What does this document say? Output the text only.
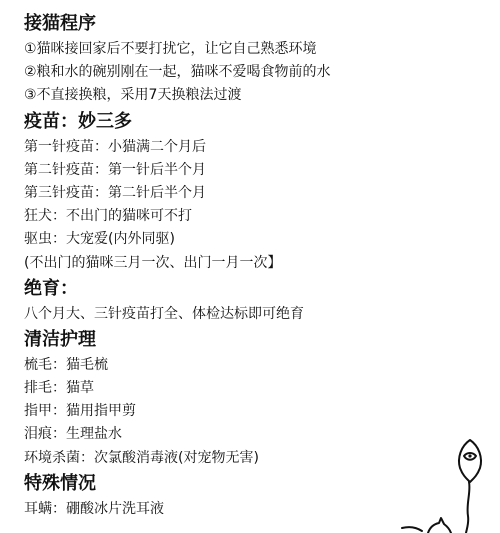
接猫程序
①猫咪接回家后不要打扰它，让它自己熟悉环境
②粮和水的碗别刚在一起，猫咪不爱喝食物前的水
③不直接换粮，采用7天换粮法过渡
疫苗：妙三多
第一针疫苗：小猫满二个月后
第二针疫苗：第一针后半个月
第三针疫苗：第二针后半个月
狂犬：不出门的猫咪可不打
驱虫：大宠爱(内外同驱)
(不出门的猫咪三月一次、出门一月一次】
绝育：
八个月大、三针疫苗打全、体检达标即可绝育
清洁护理
梳毛：猫毛梳
排毛：猫草
指甲：猫用指甲剪
泪痕：生理盐水
环境杀菌：次氯酸消毒液(对宠物无害)
特殊情况
耳螨：硼酸冰片洗耳液
